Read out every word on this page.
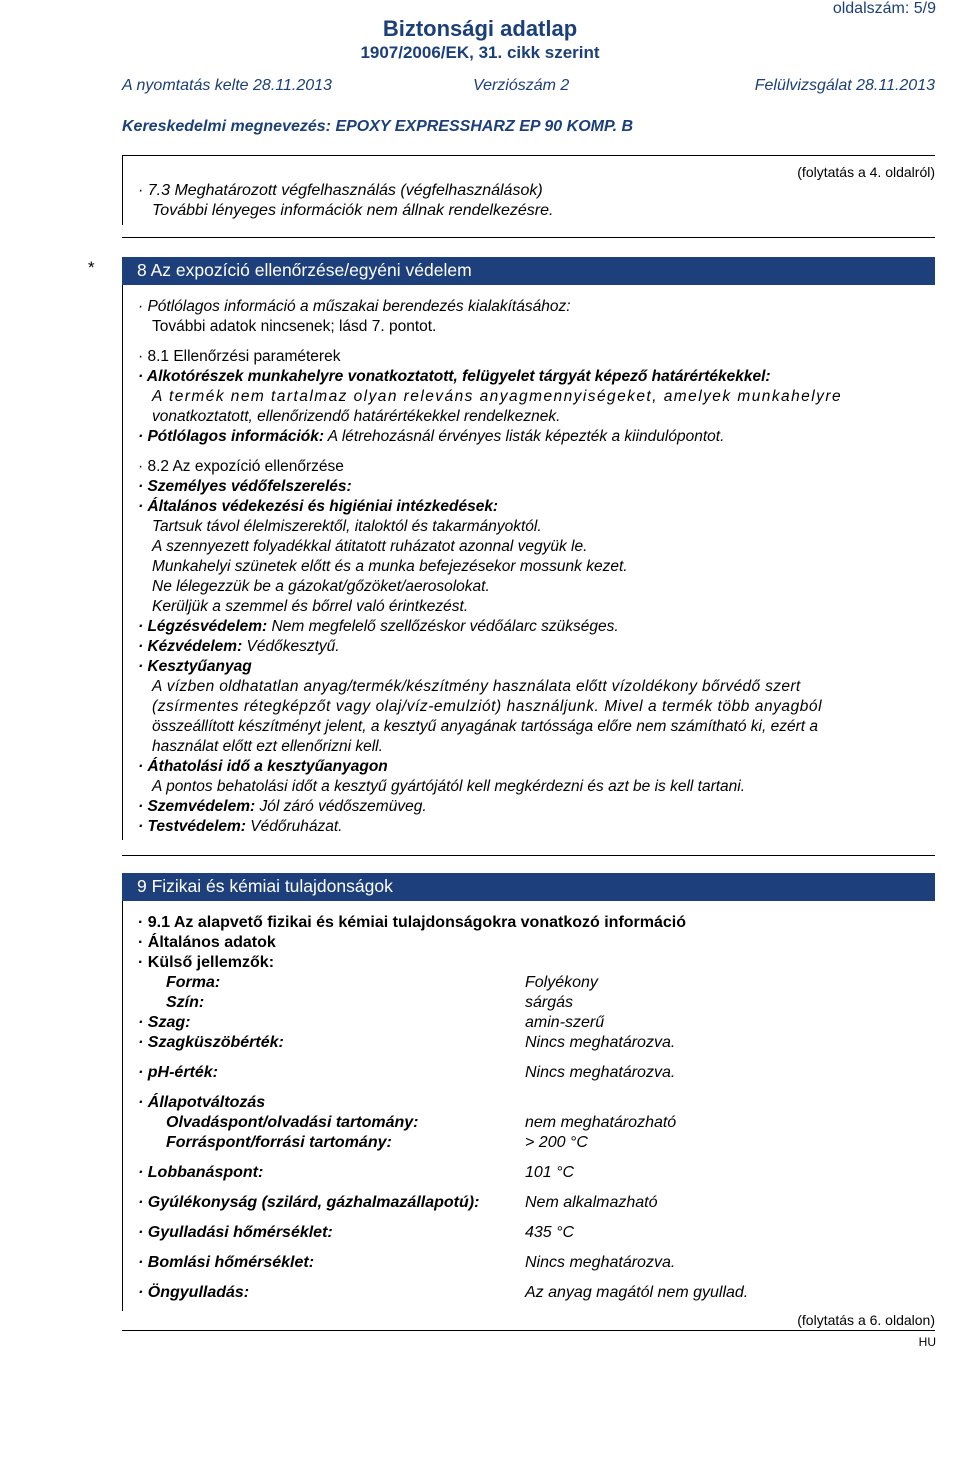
oldalszám: 5/9
Biztonsági adatlap
1907/2006/EK, 31. cikk szerint
A nyomtatás kelte 28.11.2013	Verziószám 2	Felülvizsgálat 28.11.2013
Kereskedelmi megnevezés: EPOXY EXPRESSHARZ EP 90 KOMP. B
(folytatás a 4. oldalról)
· 7.3 Meghatározott végfelhasználás (végfelhasználások)
További lényeges információk nem állnak rendelkezésre.
* 8 Az expozíció ellenőrzése/egyéni védelem
· Pótlólagos információ a műszakai berendezés kialakításához:
További adatok nincsenek; lásd 7. pontot.
· 8.1 Ellenőrzési paraméterek
· Alkotórészek munkahelyre vonatkoztatott, felügyelet tárgyát képező határértékekkel:
A termék nem tartalmaz olyan releváns anyagmennyiségeket, amelyek munkahelyre
vonatkoztatott, ellenőrizendő határértékekkel rendelkeznek.
· Pótlólagos információk: A létrehozásnál érvényes listák képezték a kiindulópontot.
· 8.2 Az expozíció ellenőrzése
· Személyes védőfelszerelés:
· Általános védekezési és higiéniai intézkedések:
Tartsuk távol élelmiszerektől, italoktól és takarmányoktól.
A szennyezett folyadékkal átitatott ruházatot azonnal vegyük le.
Munkahelyi szünetek előtt és a munka befejezésekor mossunk kezet.
Ne lélegezzük be a gázokat/gőzöket/aerosolokat.
Kerüljük a szemmel és bőrrel való érintkezést.
· Légzésvédelem: Nem megfelelő szellőzéskor védőálarc szükséges.
· Kézvédelem: Védőkesztyű.
· Kesztyűanyag
A vízben oldhatatlan anyag/termék/készítmény használata előtt vízoldékony bőrvédő szert
(zsírmentes rétegképzőt vagy olaj/víz-emulziót) használjunk. Mivel a termék több anyagból
összeállított készítményt jelent, a kesztyű anyagának tartóssága előre nem számítható ki, ezért a
használat előtt ezt ellenőrizni kell.
· Áthatolási idő a kesztyűanyagon
A pontos behatolási időt a kesztyű gyártójától kell megkérdezni és azt be is kell tartani.
· Szemvédelem: Jól záró védőszemüveg.
· Testvédelem: Védőruházat.
9 Fizikai és kémiai tulajdonságok
· 9.1 Az alapvető fizikai és kémiai tulajdonságokra vonatkozó információ
· Általános adatok
· Külső jellemzők:
Forma:	Folyékony
Szín:	sárgás
· Szag:	amin-szerű
· Szagküszöbérték:	Nincs meghatározva.
· pH-érték:	Nincs meghatározva.
· Állapotváltozás
Olvadáspont/olvadási tartomány:	nem meghatározható
Forráspont/forrási tartomány:	> 200 °C
· Lobbanáspont:	101 °C
· Gyúlékonyság (szilárd, gázhalmazállapotú):	Nem alkalmazható
· Gyulladási hőmérséklet:	435 °C
· Bomlási hőmérséklet:	Nincs meghatározva.
· Öngyulladás:	Az anyag magától nem gyullad.
(folytatás a 6. oldalon)
HU
